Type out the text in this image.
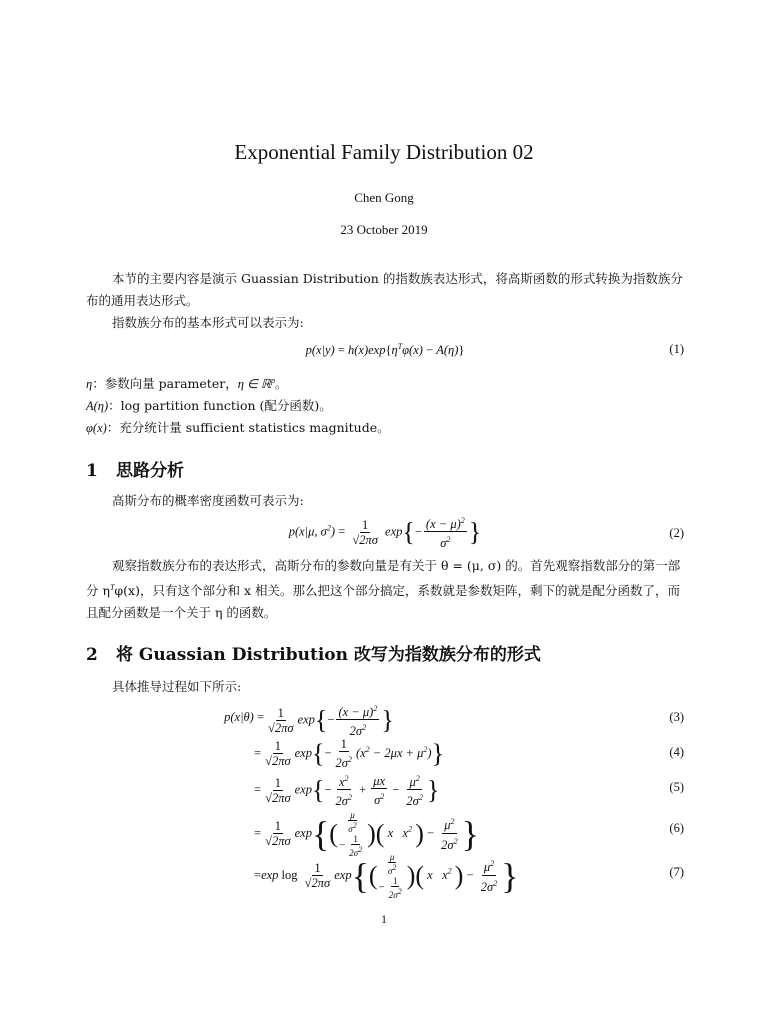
Exponential Family Distribution 02
Chen Gong
23 October 2019
本节的主要内容是演示 Guassian Distribution 的指数族表达形式，将高斯函数的形式转换为指数族分布的通用表达形式。
指数族分布的基本形式可以表示为:
$p(x|y) = h(x)\exp\{\eta^T\varphi(x) - A(\eta)\}$	(1)
η：参数向量 parameter，η ∈ ℝ$^p$。
A(η)：log partition function (配分函数)。
φ(x)：充分统计量 sufficient statistics magnitude。
1 思路分析
高斯分布的概率密度函数可表示为:
p(x|μ, $\sigma^2) = \frac{1}{√2\pi\sigma} \exp\{- \frac{(x - \mu)^2}{\sigma^2}$ }	(2)
观察指数族分布的表达形式，高斯分布的参数向量是有关于 θ = (μ, σ) 的。首先观察指数部分的第一部分 $\eta^T\varphi(x)$，只有这个部分和 x 相关。那么把这个部分搞定，系数就是参数矩阵，剩下的就是配分函数了，而且配分函数是一个关于 η 的函数。
2 将 Guassian Distribution 改写为指数族分布的形式
具体推导过程如下所示:
$p(x|\theta) = \frac{1}{√2\pi\sigma} \exp\{- \frac{(x - \mu)^2}{2\sigma^2}$ }	(3)
= $\frac{1}{√2\pi\sigma} \exp\{- \frac{1}{2\sigma^2} (x^2 - 2\mu x + \mu^2)\}$	(4)
= $\frac{1}{√2\pi\sigma} \exp\{- \frac{x^2}{2\sigma^2} + \frac{\mu x}{\sigma^2} - \frac{\mu^2}{2\sigma^2}$ }	(5)
= $\frac{1}{√2\pi\sigma} \exp\{( \frac{\mu}{\sigma^2}$
− $\frac{1}{2\sigma^2}$ )( x   $x^2$ ) − $\frac{\mu^2}{2\sigma^2}$ }	(6)
=exp $\log \frac{1}{√2\pi\sigma} \exp\{( \frac{\mu}{\sigma^2}$
− $\frac{1}{2\sigma^2}$ )( x   $x^2$ ) − $\frac{\mu^2}{2\sigma^2}$ }	(7)
1
